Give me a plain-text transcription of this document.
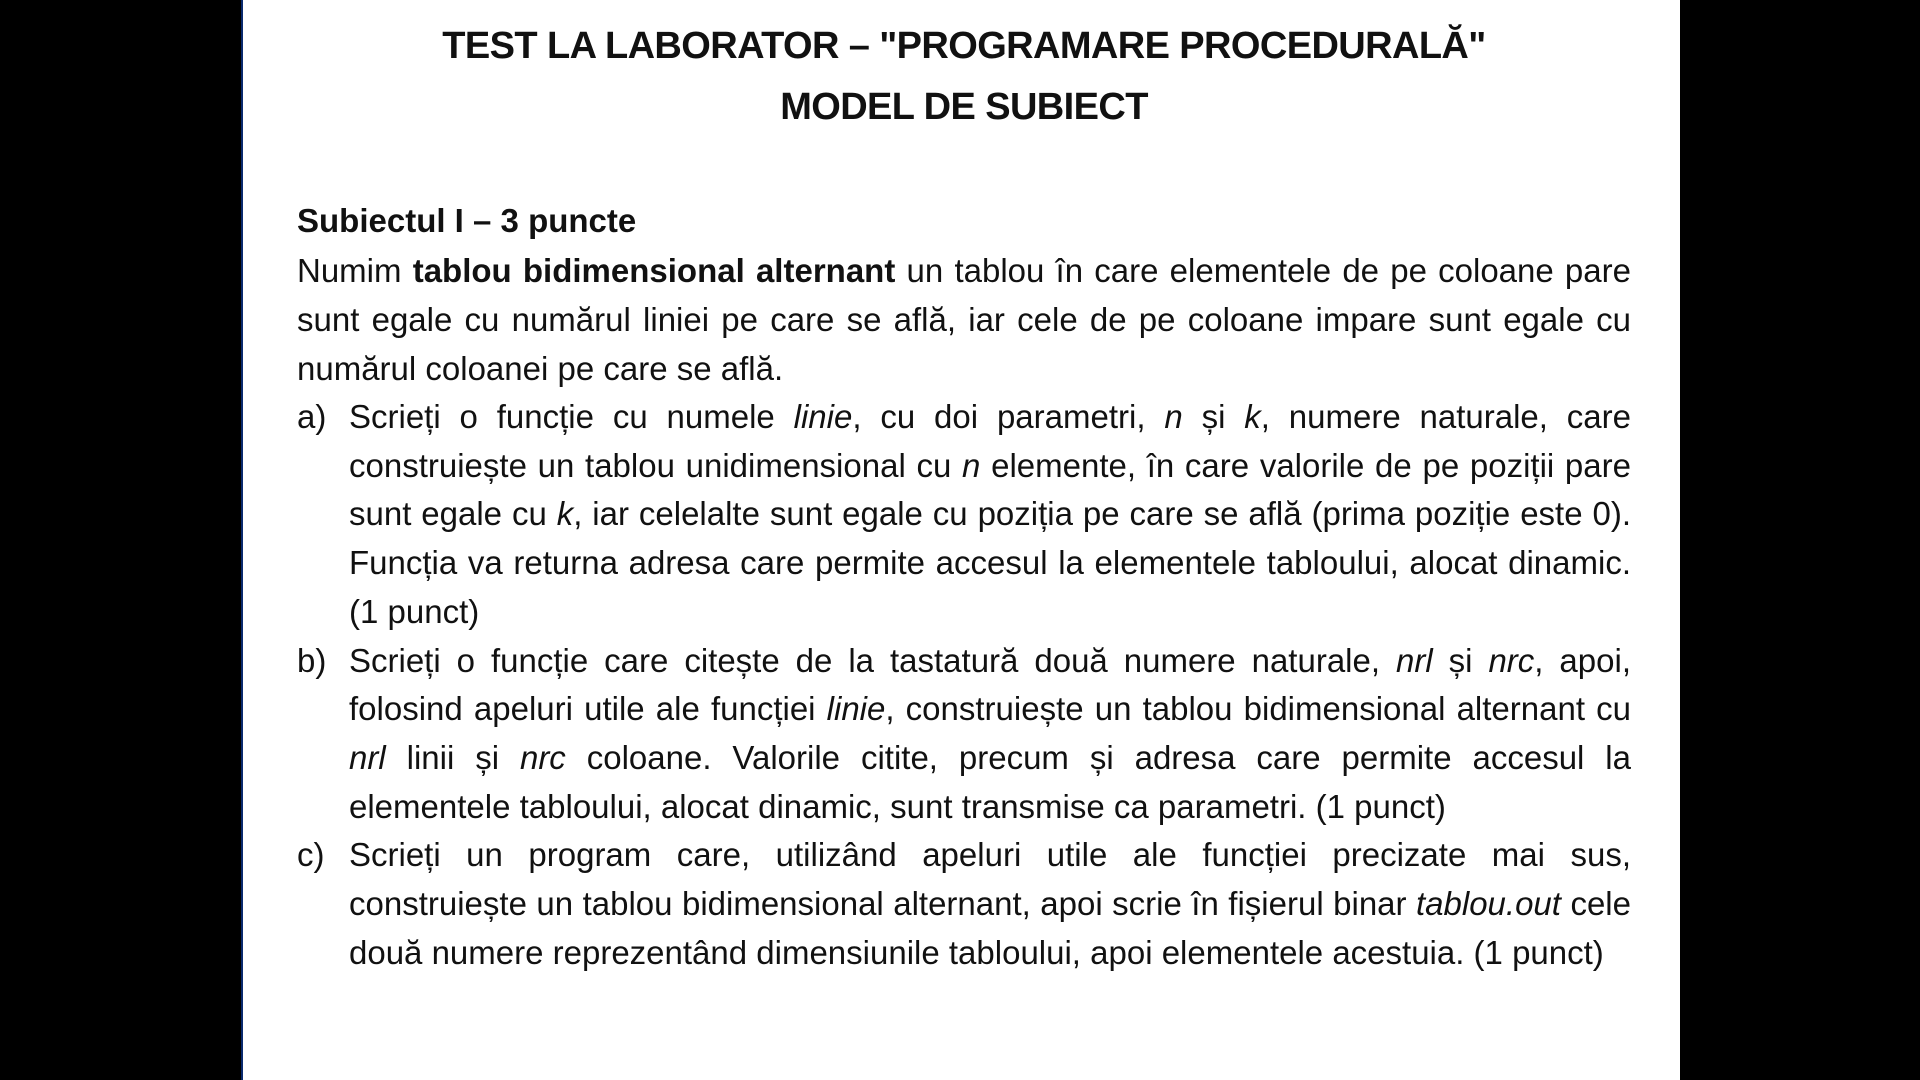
TEST LA LABORATOR – "PROGRAMARE PROCEDURALĂ"
MODEL DE SUBIECT
Subiectul I – 3 puncte

Numim tablou bidimensional alternant un tablou în care elementele de pe coloane pare sunt egale cu numărul liniei pe care se află, iar cele de pe coloane impare sunt egale cu numărul coloanei pe care se află.

a) Scrieți o funcție cu numele linie, cu doi parametri, n și k, numere naturale, care construiește un tablou unidimensional cu n elemente, în care valorile de pe poziții pare sunt egale cu k, iar celelalte sunt egale cu poziția pe care se află (prima poziție este 0). Funcția va returna adresa care permite accesul la elementele tabloului, alocat dinamic. (1 punct)
b) Scrieți o funcție care citește de la tastatură două numere naturale, nrl și nrc, apoi, folosind apeluri utile ale funcției linie, construiește un tablou bidimensional alternant cu nrl linii și nrc coloane. Valorile citite, precum și adresa care permite accesul la elementele tabloului, alocat dinamic, sunt transmise ca parametri. (1 punct)
c) Scrieți un program care, utilizând apeluri utile ale funcției precizate mai sus, construiește un tablou bidimensional alternant, apoi scrie în fișierul binar tablou.out cele două numere reprezentând dimensiunile tabloului, apoi elementele acestuia. (1 punct)
